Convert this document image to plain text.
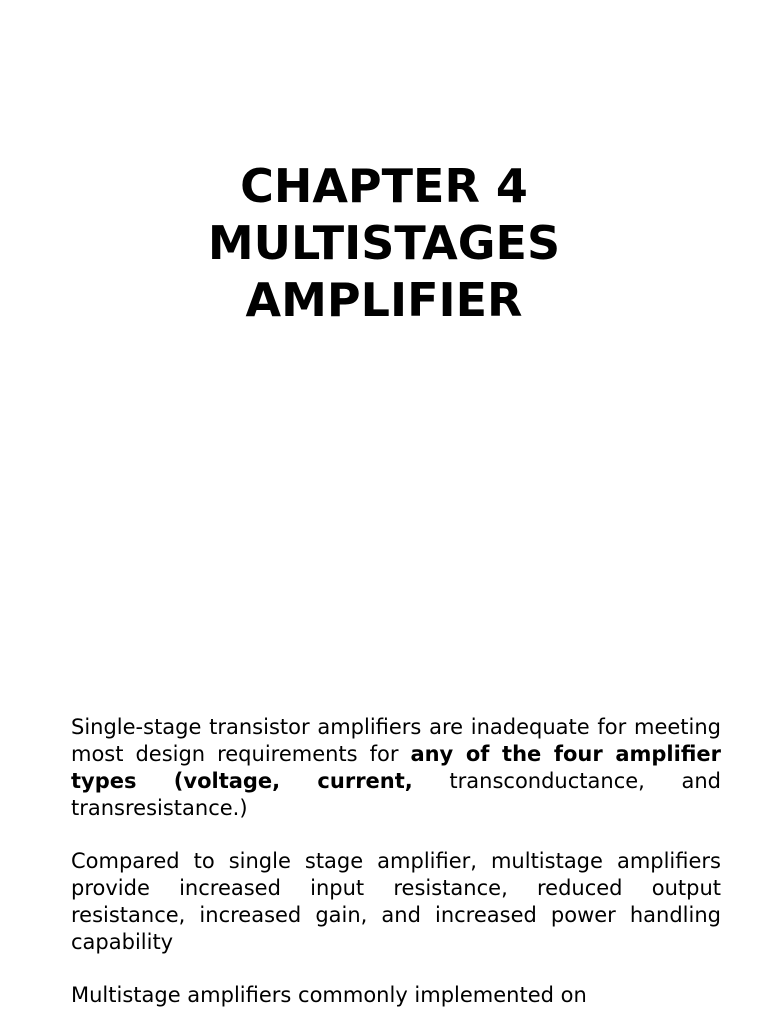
CHAPTER 4
MULTISTAGES
AMPLIFIER

Single-stage transistor amplifiers are inadequate for meeting most design requirements for any of the four amplifier types (voltage, current, transconductance, and transresistance.)

Compared to single stage amplifier, multistage amplifiers provide increased input resistance, reduced output resistance, increased gain, and increased power handling capability

Multistage amplifiers commonly implemented on
